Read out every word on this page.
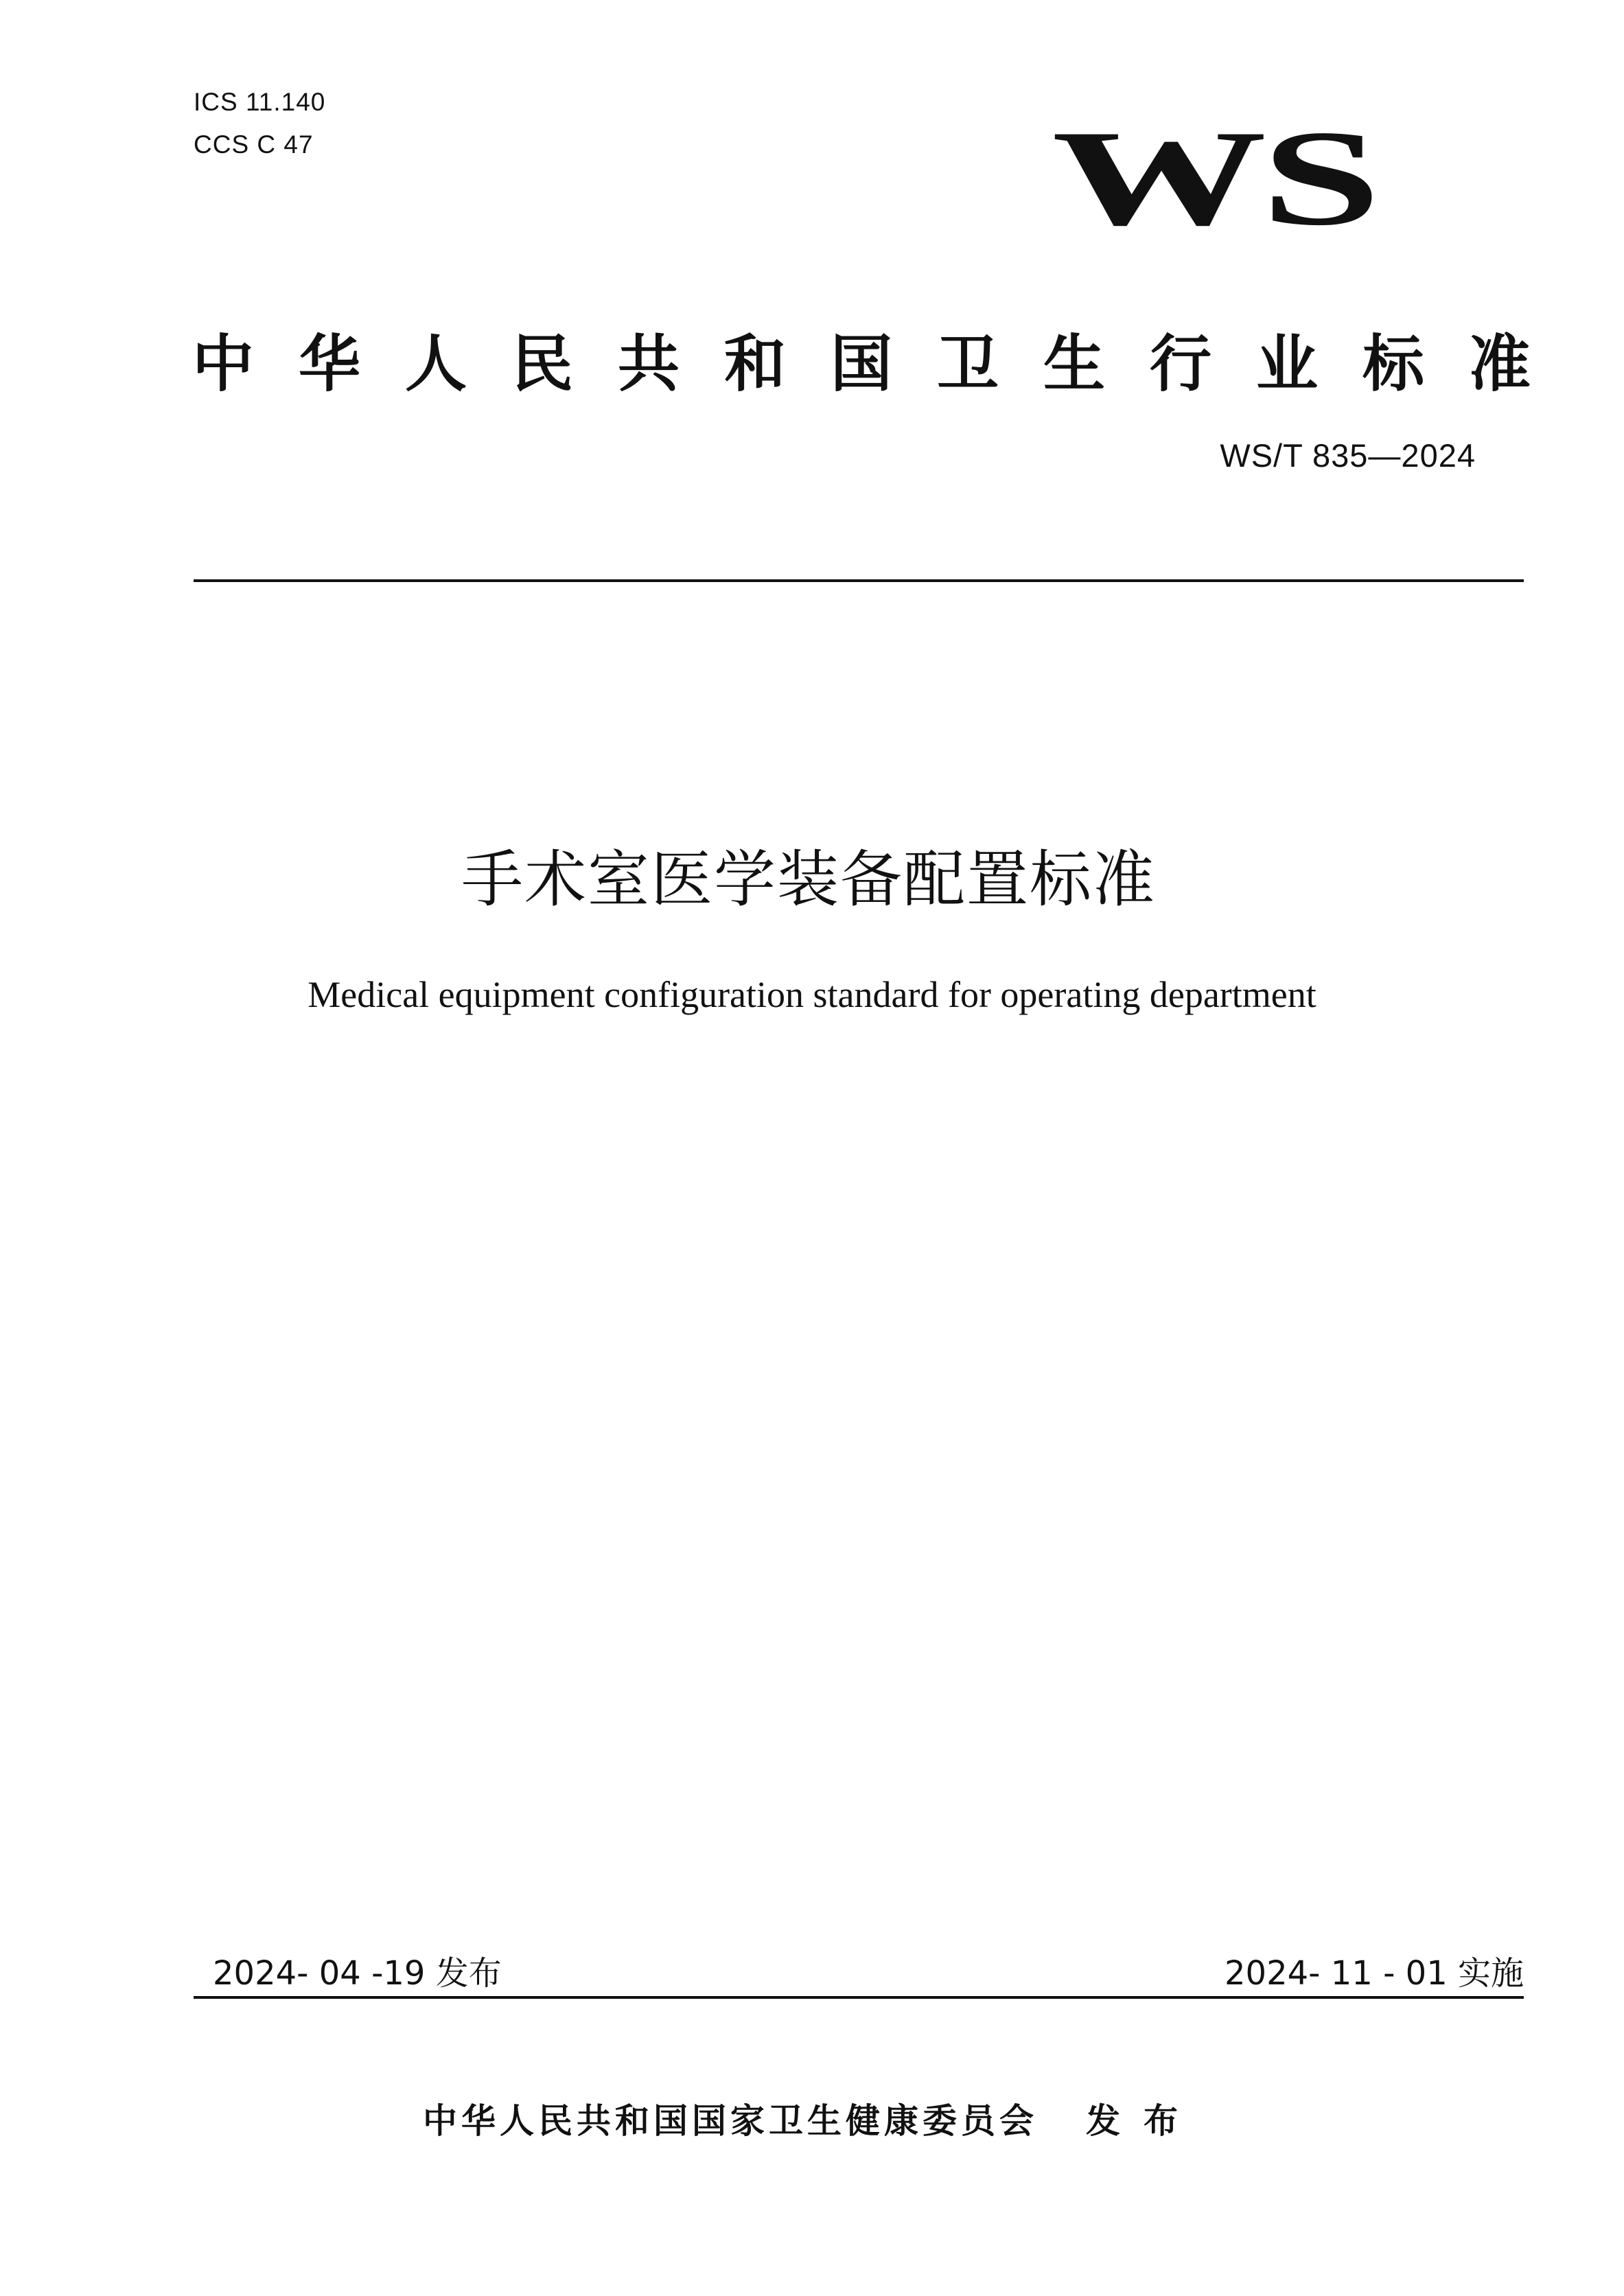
ICS 11.140
CCS C 47	WS
中 华 人 民 共 和 国 卫 生 行 业 标 准
WS/T 835—2024
手术室医学装备配置标准
Medical equipment configuration standard for operating department
2024- 04 -19 发布	2024- 11 - 01 实施
中华人民共和国国家卫生健康委员会 发布
